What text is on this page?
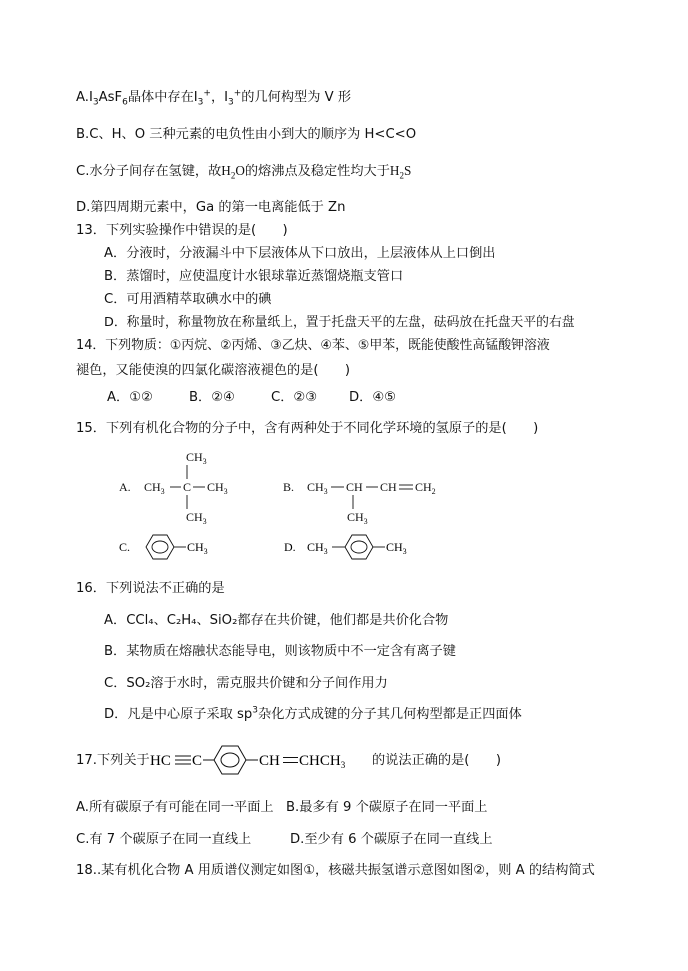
$A.I_3AsF_6$晶体中存在$I_3^+$，$I_3^+$的几何构型为 V 形
B.C、H、O 三种元素的电负性由小到大的顺序为 H<C<O
C.水分子间存在氢键，故$H_2O$的熔沸点及稳定性均大于$H_2S$
D.第四周期元素中，Ga 的第一电离能低于 Zn
13．下列实验操作中错误的是(　　)
A．分液时，分液漏斗中下层液体从下口放出，上层液体从上口倒出
B．蒸馏时，应使温度计水银球靠近蒸馏烧瓶支管口
C．可用酒精萃取碘水中的碘
D．称量时，称量物放在称量纸上，置于托盘天平的左盘，砝码放在托盘天平的右盘
14．下列物质：①丙烷、②丙烯、③乙炔、④苯、⑤甲苯，既能使酸性高锰酸钾溶液
褪色，又能使溴的四氯化碳溶液褪色的是(　　)
A．①②	B．②④	C．②③ D．④⑤
15．下列有机化合物的分子中，含有两种处于不同化学环境的氢原子的是(　　)
A.
$CH_3$
$CH_3$ C $CH_3$
$CH_3$
B. $CH_3$ CH CH $CH_2$
$CH_3$
C.	$CH_3$	D. $CH_3$	$CH_3$
16．下列说法不正确的是
A．CCl₄、C₂H₄、SiO₂都存在共价键，他们都是共价化合物
B．某物质在熔融状态能导电，则该物质中不一定含有离子键
C．SO₂溶于水时，需克服共价键和分子间作用力
D．凡是中心原子采取 $sp^3$杂化方式成键的分子其几何构型都是正四面体
17.下列关于 HC C	CH $CHCH_3$ 的说法正确的是(　　)
A.所有碳原子有可能在同一平面上 B.最多有 9 个碳原子在同一平面上
C.有 7 个碳原子在同一直线上	D.至少有 6 个碳原子在同一直线上
18..某有机化合物 A 用质谱仪测定如图①，核磁共振氢谱示意图如图②，则 A 的结构简式
